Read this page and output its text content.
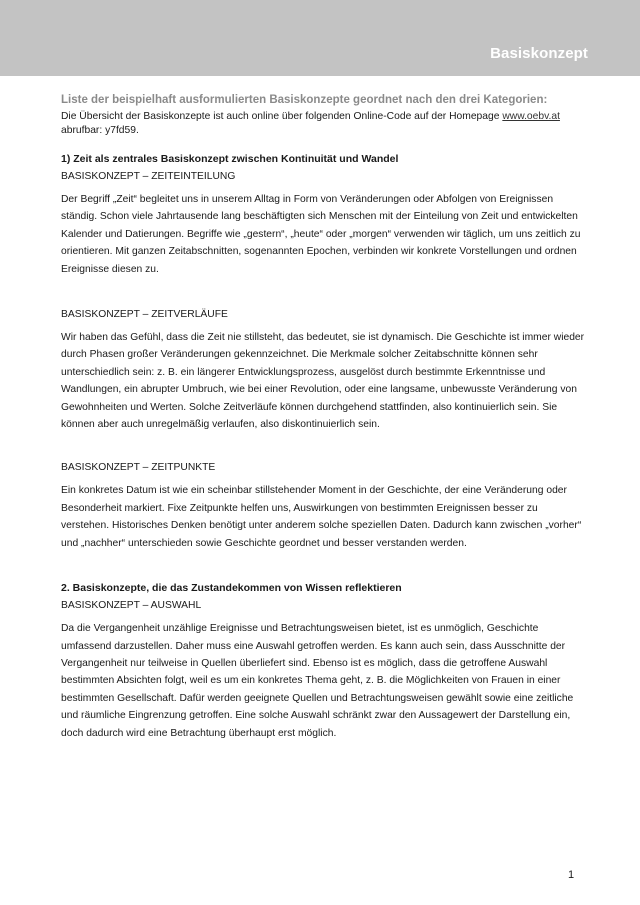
Basiskonzept

Liste der beispielhaft ausformulierten Basiskonzepte geordnet nach den drei Kategorien:

Die Übersicht der Basiskonzepte ist auch online über folgenden Online-Code auf der Homepage www.oebv.at
abrufbar: y7fd59.

1) Zeit als zentrales Basiskonzept zwischen Kontinuität und Wandel

BASISKONZEPT – ZEITEINTEILUNG

Der Begriff „Zeit“ begleitet uns in unserem Alltag in Form von Veränderungen oder Abfolgen von Ereignissen ständig. Schon viele Jahrtausende lang beschäftigten sich Menschen mit der Einteilung von Zeit und entwickelten Kalender und Datierungen. Begriffe wie „gestern“, „heute“ oder „morgen“ verwenden wir täglich, um uns zeitlich zu orientieren. Mit ganzen Zeitabschnitten, sogenannten Epochen, verbinden wir konkrete Vorstellungen und ordnen Ereignisse diesen zu.

BASISKONZEPT – ZEITVERLÄUFE

Wir haben das Gefühl, dass die Zeit nie stillsteht, das bedeutet, sie ist dynamisch. Die Geschichte ist immer wieder durch Phasen großer Veränderungen gekennzeichnet. Die Merkmale solcher Zeitabschnitte können sehr unterschiedlich sein: z. B. ein längerer Entwicklungsprozess, ausgelöst durch bestimmte Erkenntnisse und Wandlungen, ein abrupter Umbruch, wie bei einer Revolution, oder eine langsame, unbewusste Veränderung von Gewohnheiten und Werten. Solche Zeitverläufe können durchgehend stattfinden, also kontinuierlich sein. Sie können aber auch unregelmäßig verlaufen, also diskontinuierlich sein.

BASISKONZEPT – ZEITPUNKTE

Ein konkretes Datum ist wie ein scheinbar stillstehender Moment in der Geschichte, der eine Veränderung oder Besonderheit markiert. Fixe Zeitpunkte helfen uns, Auswirkungen von bestimmten Ereignissen besser zu verstehen. Historisches Denken benötigt unter anderem solche speziellen Daten. Dadurch kann zwischen „vorher“ und „nachher“ unterschieden sowie Geschichte geordnet und besser verstanden werden.

2. Basiskonzepte, die das Zustandekommen von Wissen reflektieren

BASISKONZEPT – AUSWAHL

Da die Vergangenheit unzählige Ereignisse und Betrachtungsweisen bietet, ist es unmöglich, Geschichte umfassend darzustellen. Daher muss eine Auswahl getroffen werden. Es kann auch sein, dass Ausschnitte der Vergangenheit nur teilweise in Quellen überliefert sind. Ebenso ist es möglich, dass die getroffene Auswahl bestimmten Absichten folgt, weil es um ein konkretes Thema geht, z. B. die Möglichkeiten von Frauen in einer bestimmten Gesellschaft. Dafür werden geeignete Quellen und Betrachtungsweisen gewählt sowie eine zeitliche und räumliche Eingrenzung getroffen. Eine solche Auswahl schränkt zwar den Aussagewert der Darstellung ein, doch dadurch wird eine Betrachtung überhaupt erst möglich.

1
